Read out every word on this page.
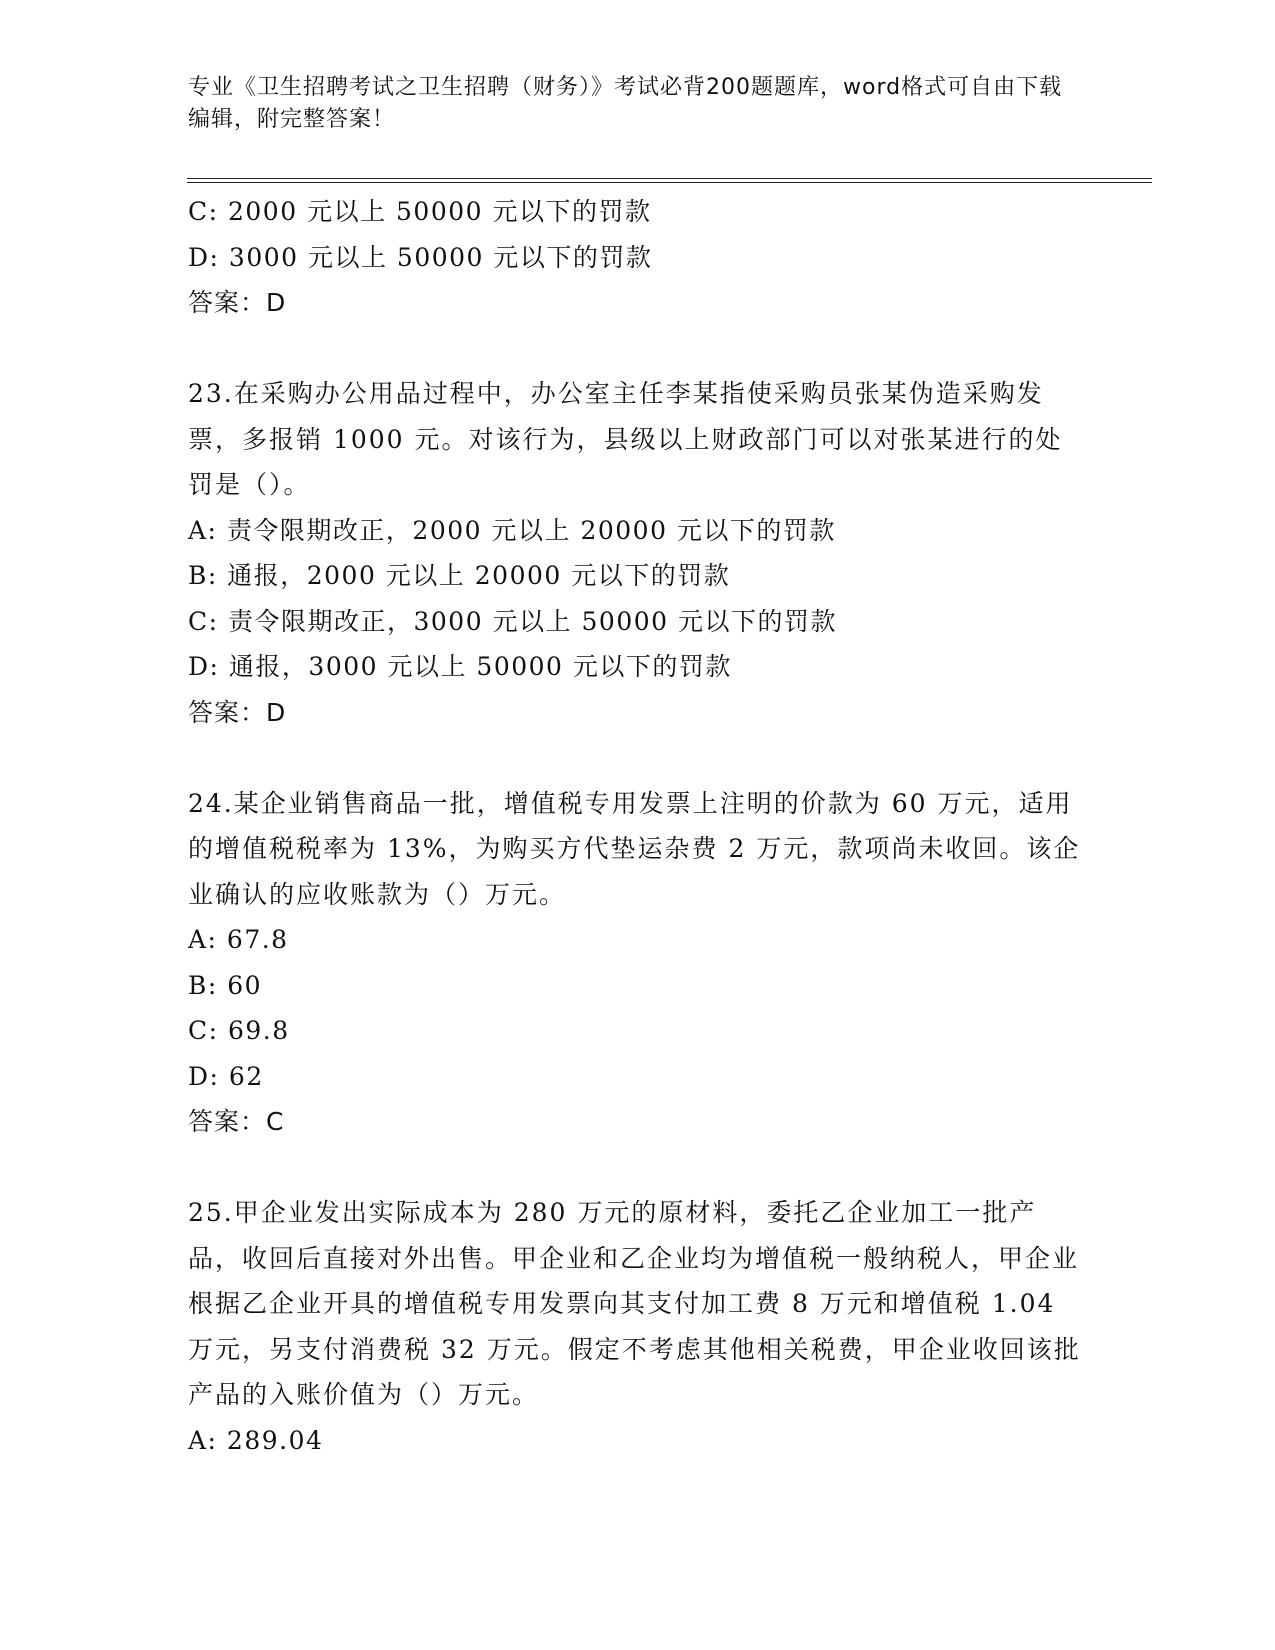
专业《卫生招聘考试之卫生招聘（财务）》考试必背200题题库，word格式可自由下载编辑，附完整答案！
C: 2000 元以上 50000 元以下的罚款
D: 3000 元以上 50000 元以下的罚款
答案：D
23.在采购办公用品过程中，办公室主任李某指使采购员张某伪造采购发票，多报销 1000 元。对该行为，县级以上财政部门可以对张某进行的处罚是（）。
A: 责令限期改正，2000 元以上 20000 元以下的罚款
B: 通报，2000 元以上 20000 元以下的罚款
C: 责令限期改正，3000 元以上 50000 元以下的罚款
D: 通报，3000 元以上 50000 元以下的罚款
答案：D
24.某企业销售商品一批，增值税专用发票上注明的价款为 60 万元，适用的增值税税率为 13%，为购买方代垫运杂费 2 万元，款项尚未收回。该企业确认的应收账款为（）万元。
A: 67.8
B: 60
C: 69.8
D: 62
答案：C
25.甲企业发出实际成本为 280 万元的原材料，委托乙企业加工一批产品，收回后直接对外出售。甲企业和乙企业均为增值税一般纳税人，甲企业根据乙企业开具的增值税专用发票向其支付加工费 8 万元和增值税 1.04 万元，另支付消费税 32 万元。假定不考虑其他相关税费，甲企业收回该批产品的入账价值为（）万元。
A: 289.04
